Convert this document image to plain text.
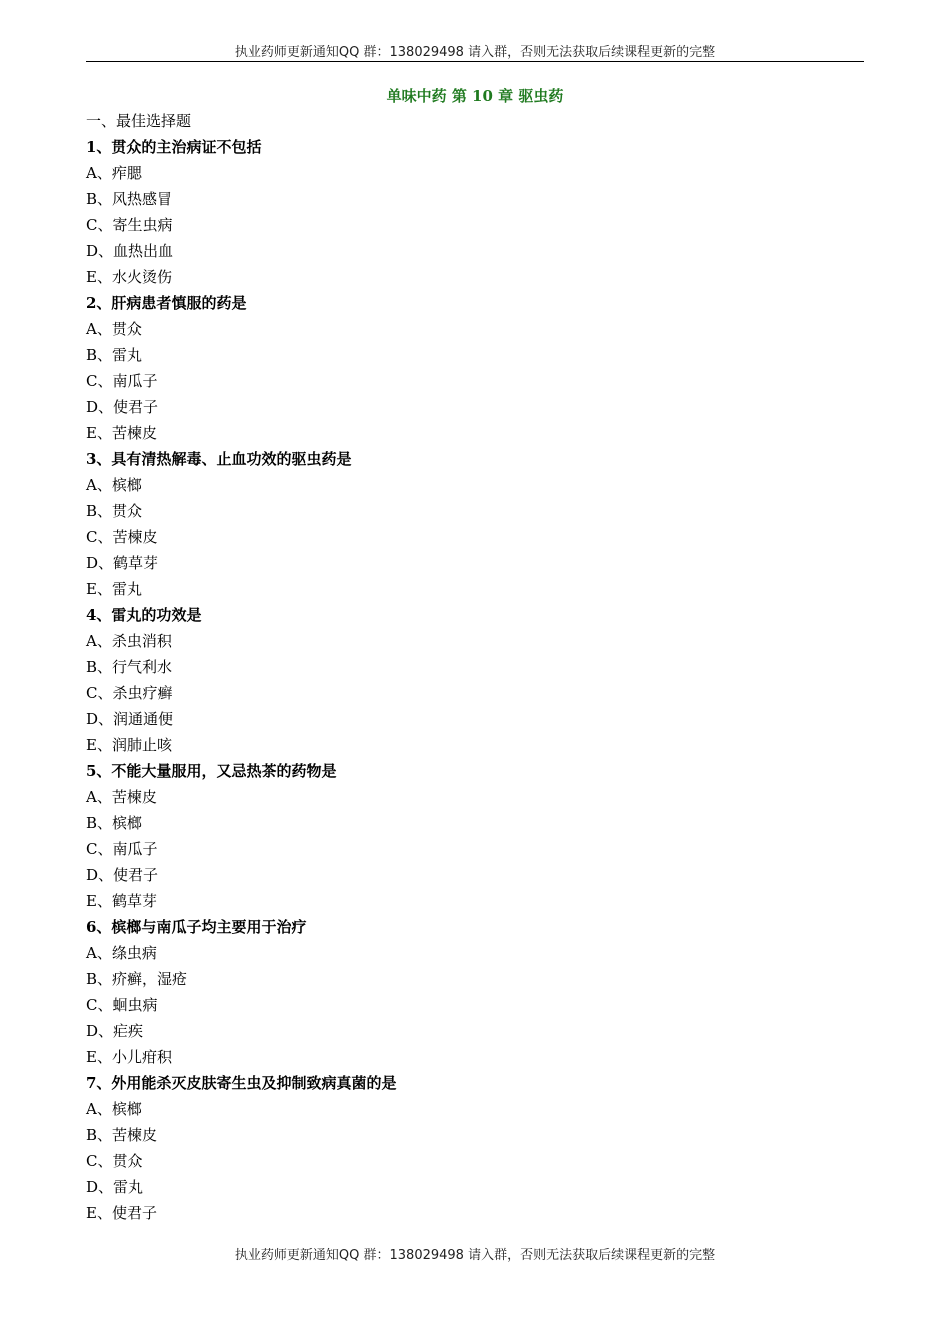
执业药师更新通知QQ 群：138029498 请入群，否则无法获取后续课程更新的完整
单味中药 第 10 章 驱虫药
一、最佳选择题
1、贯众的主治病证不包括
A、痄腮
B、风热感冒
C、寄生虫病
D、血热出血
E、水火烫伤
2、肝病患者慎服的药是
A、贯众
B、雷丸
C、南瓜子
D、使君子
E、苦楝皮
3、具有清热解毒、止血功效的驱虫药是
A、槟榔
B、贯众
C、苦楝皮
D、鹤草芽
E、雷丸
4、雷丸的功效是
A、杀虫消积
B、行气利水
C、杀虫疗癣
D、润通通便
E、润肺止咳
5、不能大量服用，又忌热茶的药物是
A、苦楝皮
B、槟榔
C、南瓜子
D、使君子
E、鹤草芽
6、槟榔与南瓜子均主要用于治疗
A、绦虫病
B、疥癣，湿疮
C、蛔虫病
D、疟疾
E、小儿疳积
7、外用能杀灭皮肤寄生虫及抑制致病真菌的是
A、槟榔
B、苦楝皮
C、贯众
D、雷丸
E、使君子
执业药师更新通知QQ 群：138029498 请入群，否则无法获取后续课程更新的完整
